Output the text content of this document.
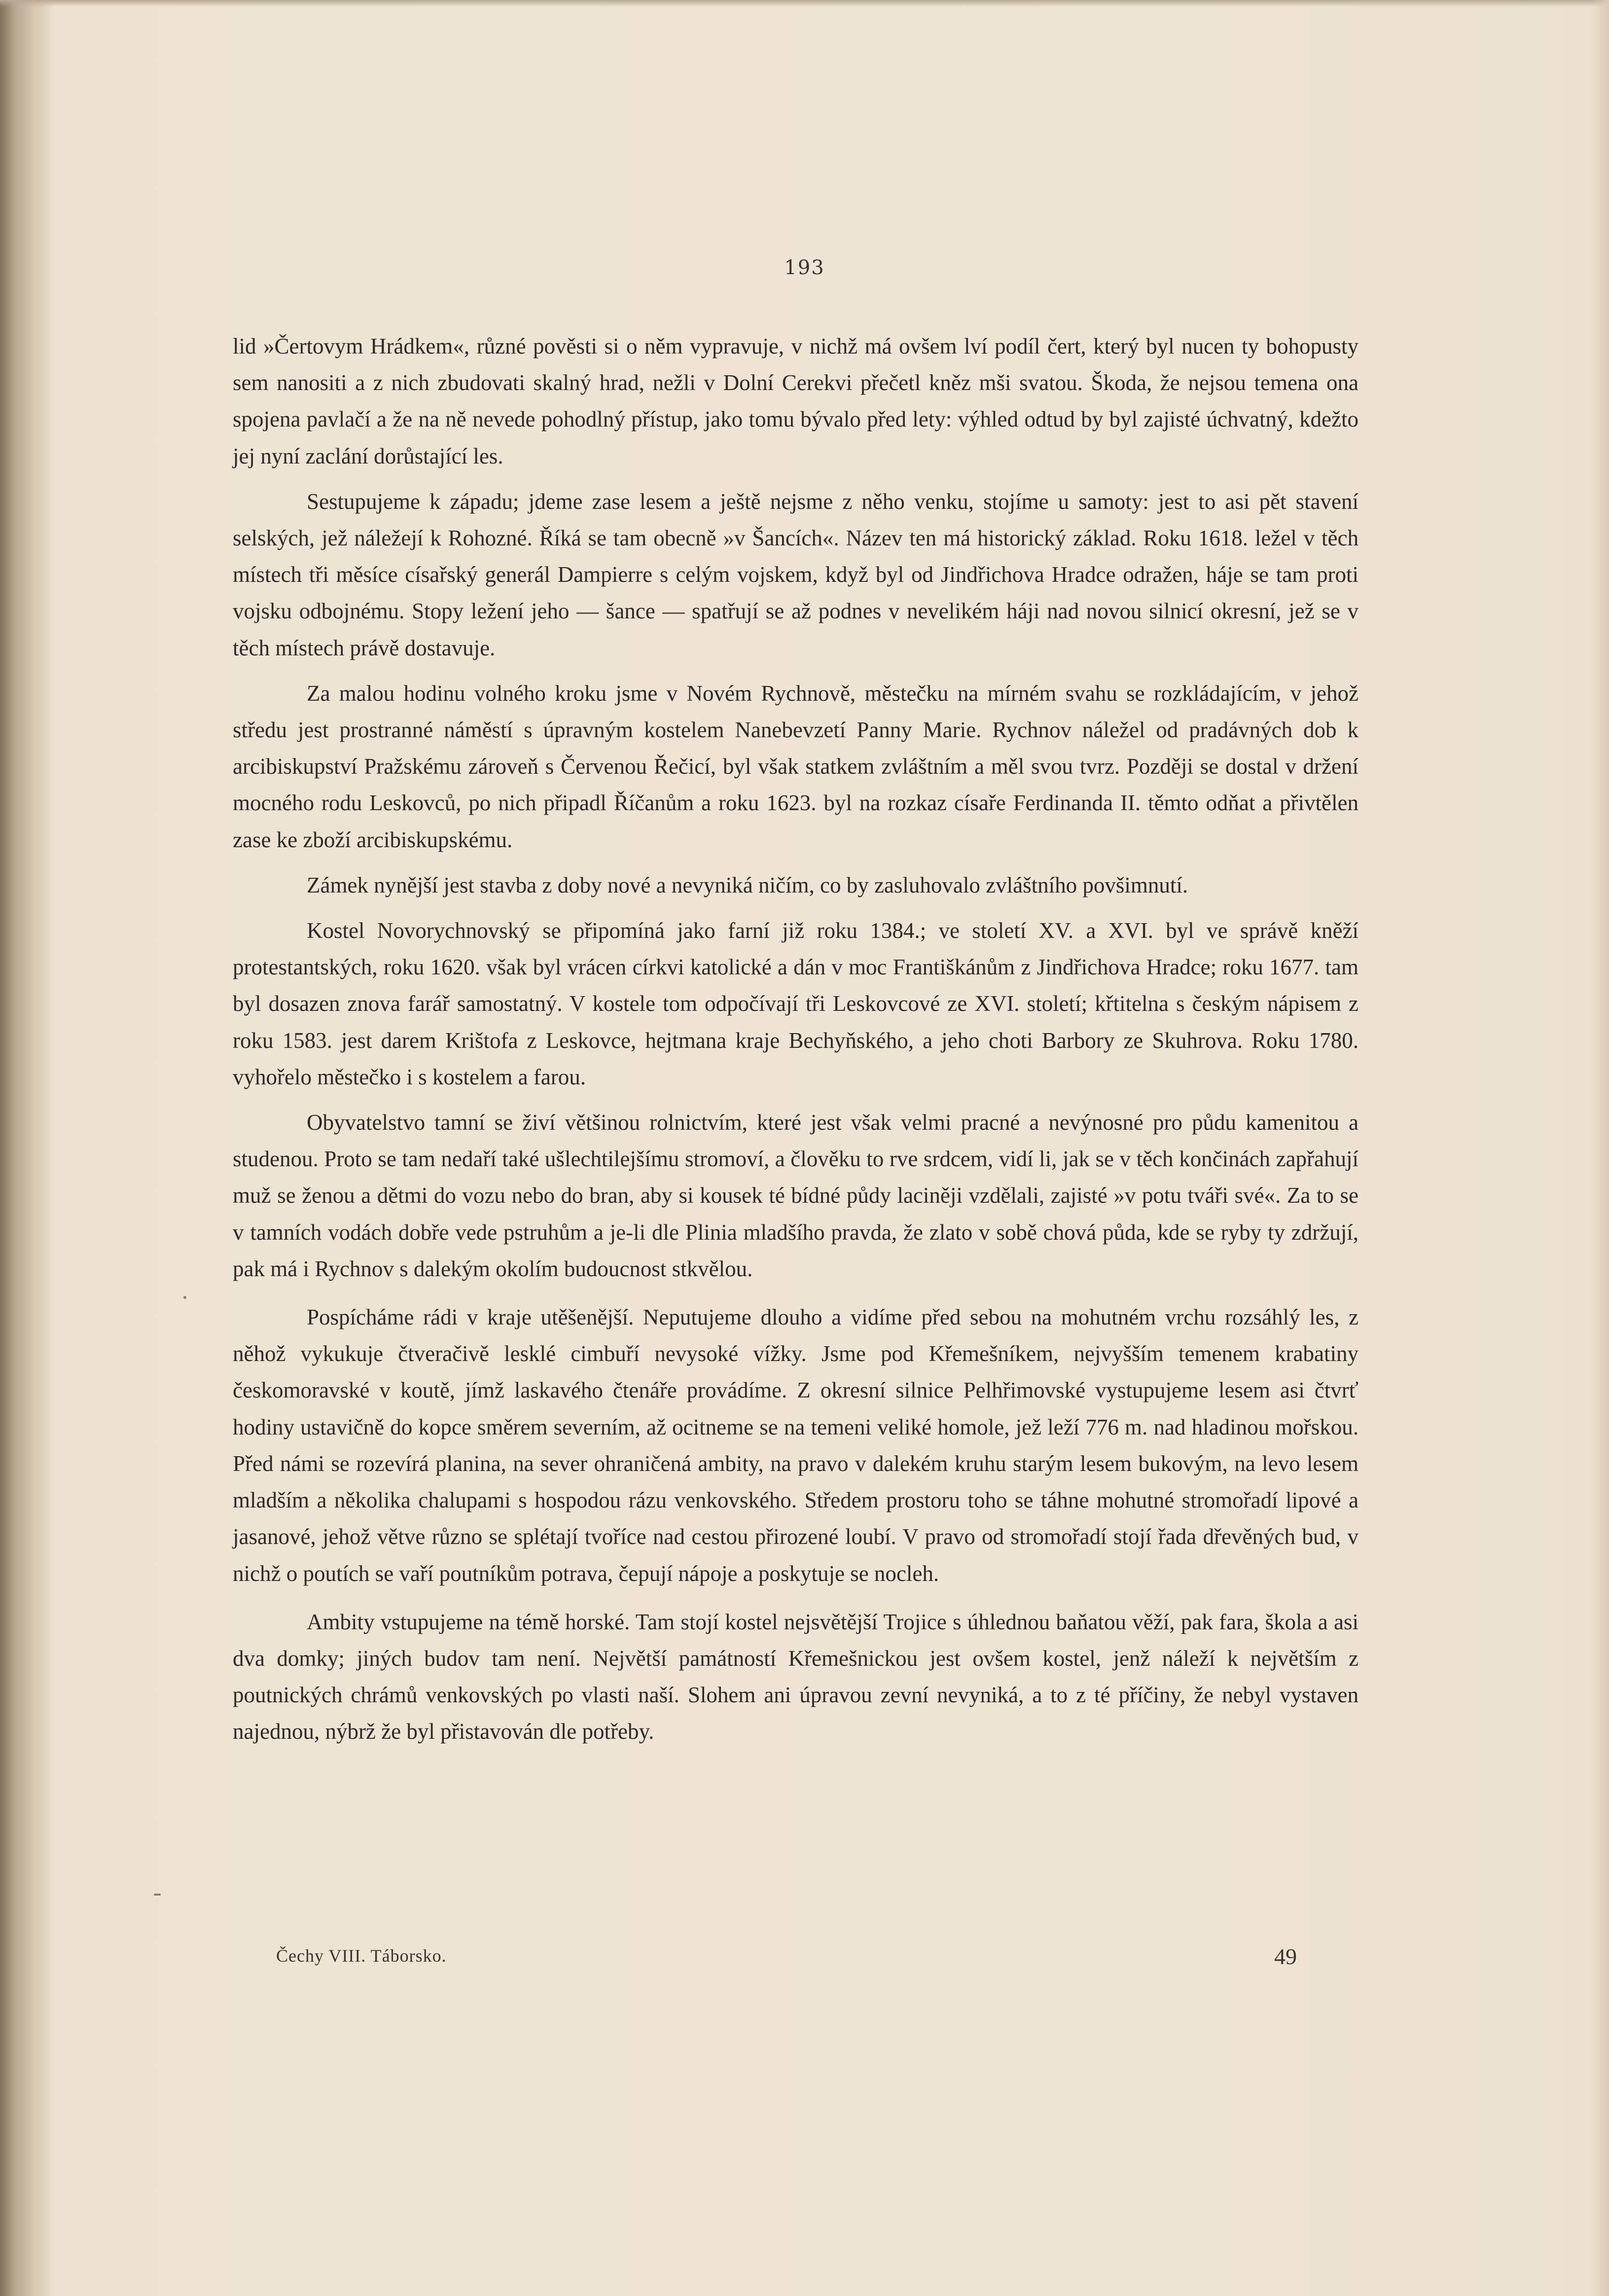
193

lid »Čertovym Hrádkem«, různé pověsti si o něm vypravuje, v nichž má ovšem lví podíl čert, který byl nucen ty bohopusty sem nanositi a z nich zbudovati skalný hrad, nežli v Dolní Cerekvi přečetl kněz mši svatou. Škoda, že nejsou temena ona spojena pavlačí a že na ně nevede pohodlný přístup, jako tomu bývalo před lety: výhled odtud by byl zajisté úchvatný, kdežto jej nyní zaclání dorůstající les.

Sestupujeme k západu; jdeme zase lesem a ještě nejsme z něho venku, stojíme u samoty: jest to asi pět stavení selských, jež náležejí k Rohozné. Říká se tam obecně »v Šancích«. Název ten má historický základ. Roku 1618. ležel v těch místech tři měsíce císařský generál Dampierre s celým vojskem, když byl od Jindřichova Hradce odražen, háje se tam proti vojsku odbojnému. Stopy ležení jeho — šance — spatřují se až podnes v nevelikém háji nad novou silnicí okresní, jež se v těch místech právě dostavuje.

Za malou hodinu volného kroku jsme v Novém Rychnově, městečku na mírném svahu se rozkládajícím, v jehož středu jest prostranné náměstí s úpravným kostelem Nanebevzetí Panny Marie. Rychnov náležel od pradávných dob k arcibiskupství Pražskému zároveň s Červenou Řečicí, byl však statkem zvláštním a měl svou tvrz. Později se dostal v držení mocného rodu Leskovců, po nich připadl Říčanům a roku 1623. byl na rozkaz císaře Ferdinanda II. těmto odňat a přivtělen zase ke zboží arcibiskupskému.

Zámek nynější jest stavba z doby nové a nevyniká ničím, co by zasluhovalo zvláštního povšimnutí.

Kostel Novorychnovský se připomíná jako farní již roku 1384.; ve století XV. a XVI. byl ve správě kněží protestantských, roku 1620. však byl vrácen církvi katolické a dán v moc Františkánům z Jindřichova Hradce; roku 1677. tam byl dosazen znova farář samostatný. V kostele tom odpočívají tři Leskovcové ze XVI. století; křtitelna s českým nápisem z roku 1583. jest darem Krištofa z Leskovce, hejtmana kraje Bechyňského, a jeho choti Barbory ze Skuhrova. Roku 1780. vyhořelo městečko i s kostelem a farou.

Obyvatelstvo tamní se živí většinou rolnictvím, které jest však velmi pracné a nevýnosné pro půdu kamenitou a studenou. Proto se tam nedaří také ušlechtilejšímu stromoví, a člověku to rve srdcem, vidí li, jak se v těch končinách zapřahují muž se ženou a dětmi do vozu nebo do bran, aby si kousek té bídné půdy laciněji vzdělali, zajisté »v potu tváři své«. Za to se v tamních vodách dobře vede pstruhům a je-li dle Plinia mladšího pravda, že zlato v sobě chová půda, kde se ryby ty zdržují, pak má i Rychnov s dalekým okolím budoucnost stkvělou.

Pospícháme rádi v kraje utěšenější. Neputujeme dlouho a vidíme před sebou na mohutném vrchu rozsáhlý les, z něhož vykukuje čtveračivě lesklé cimbuří nevysoké vížky. Jsme pod Křemešníkem, nejvyšším temenem krabatiny českomoravské v koutě, jímž laskavého čtenáře provádíme. Z okresní silnice Pelhřimovské vystupujeme lesem asi čtvrť hodiny ustavičně do kopce směrem severním, až ocitneme se na temeni veliké homole, jež leží 776 m. nad hladinou mořskou. Před námi se rozevírá planina, na sever ohraničená ambity, na pravo v dalekém kruhu starým lesem bukovým, na levo lesem mladším a několika chalupami s hospodou rázu venkovského. Středem prostoru toho se táhne mohutné stromořadí lipové a jasanové, jehož větve různo se splétají tvoříce nad cestou přirozené loubí. V pravo od stromořadí stojí řada dřevěných bud, v nichž o poutích se vaří poutníkům potrava, čepují nápoje a poskytuje se nocleh.

Ambity vstupujeme na témě horské. Tam stojí kostel nejsvětější Trojice s úhlednou baňatou věží, pak fara, škola a asi dva domky; jiných budov tam není. Největší památností Křemešnickou jest ovšem kostel, jenž náleží k největším z poutnických chrámů venkovských po vlasti naší. Slohem ani úpravou zevní nevyniká, a to z té příčiny, že nebyl vystaven najednou, nýbrž že byl přistavován dle potřeby.

Čechy VIII. Táborsko.	49
